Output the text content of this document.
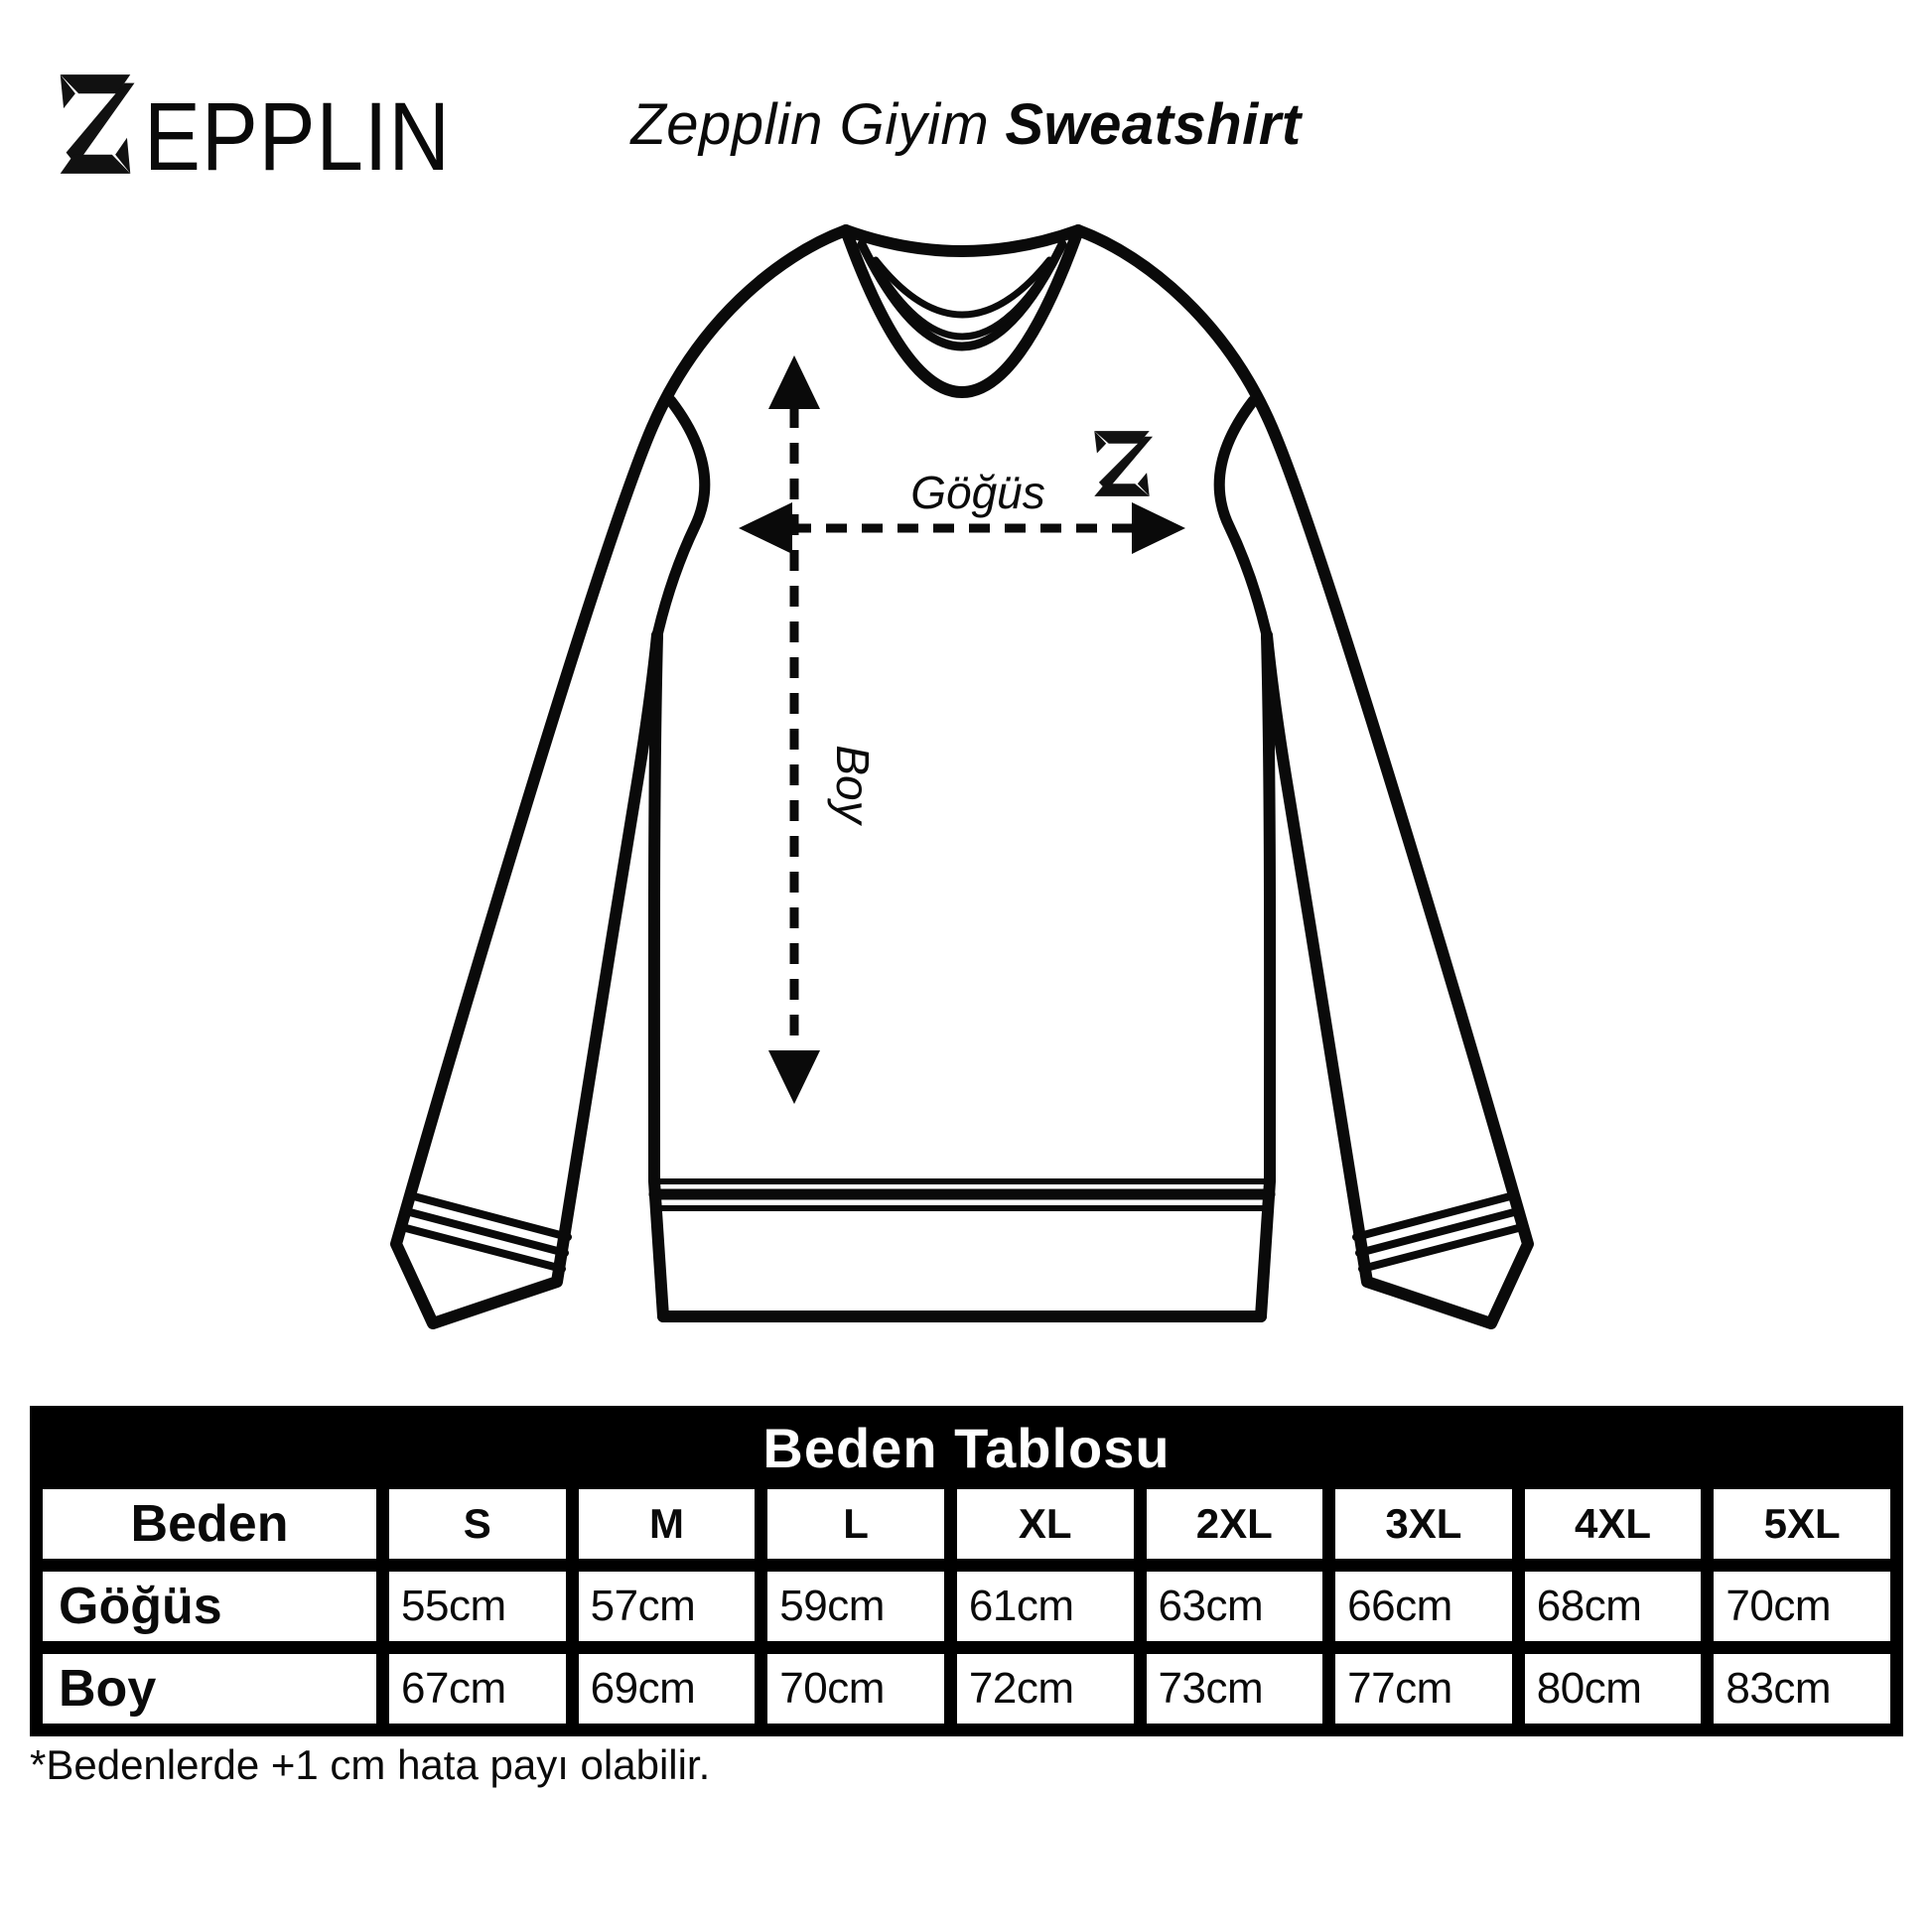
EPPLIN	Zepplin Giyim Sweatshirt
Göğüs
Boy
Beden Tablosu
Beden	S	M	L	XL	2XL	3XL	4XL	5XL
Göğüs	55cm	57cm	59cm	61cm	63cm	66cm	68cm	70cm
Boy	67cm	69cm	70cm	72cm	73cm	77cm	80cm	83cm
*Bedenlerde +1 cm hata payı olabilir.
